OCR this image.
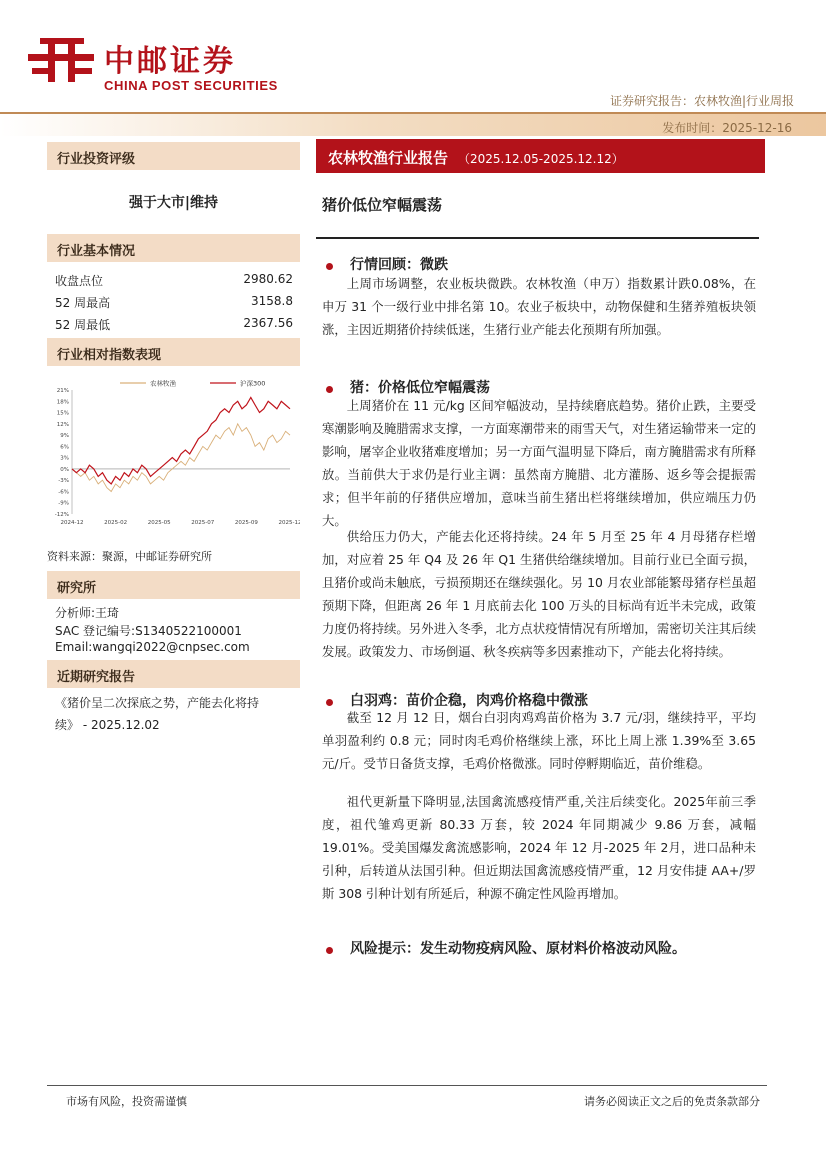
中邮证券
CHINA POST SECURITIES
证券研究报告：农林牧渔|行业周报
发布时间：2025-12-16
行业投资评级
强于大市|维持
行业基本情况
收盘点位	2980.62
52 周最高	3158.8
52 周最低	2367.56
行业相对指数表现
21%
18%
15%
12%
9%
6%
3%
0%
-3%
-6%
-9%
-12%
2024-12	2025-02	2025-05	2025-07	2025-09	2025-12
农林牧渔	沪深300
资料来源：聚源，中邮证券研究所
研究所
分析师:王琦
SAC 登记编号:S1340522100001
Email:wangqi2022@cnpsec.com
近期研究报告
《猪价呈二次探底之势，产能去化将持
续》 - 2025.12.02
农林牧渔行业报告 （2025.12.05-2025.12.12）
猪价低位窄幅震荡
行情回顾：微跌
上周市场调整，农业板块微跌。农林牧渔（申万）指数累计跌0.08%，在申万 31 个一级行业中排名第 10。农业子板块中，动物保健和生猪养殖板块领涨，主因近期猪价持续低迷，生猪行业产能去化预期有所加强。
猪：价格低位窄幅震荡
上周猪价在 11 元/kg 区间窄幅波动，呈持续磨底趋势。猪价止跌，主要受寒潮影响及腌腊需求支撑，一方面寒潮带来的雨雪天气，对生猪运输带来一定的影响，屠宰企业收猪难度增加；另一方面气温明显下降后，南方腌腊需求有所释放。当前供大于求仍是行业主调：虽然南方腌腊、北方灌肠、返乡等会提振需求；但半年前的仔猪供应增加，意味当前生猪出栏将继续增加，供应端压力仍大。
供给压力仍大，产能去化还将持续。24 年 5 月至 25 年 4 月母猪存栏增加，对应着 25 年 Q4 及 26 年 Q1 生猪供给继续增加。目前行业已全面亏损，且猪价或尚未触底，亏损预期还在继续强化。另 10 月农业部能繁母猪存栏虽超预期下降，但距离 26 年 1 月底前去化 100 万头的目标尚有近半未完成，政策力度仍将持续。另外进入冬季，北方点状疫情情况有所增加，需密切关注其后续发展。政策发力、市场倒逼、秋冬疾病等多因素推动下，产能去化将持续。
白羽鸡：苗价企稳，肉鸡价格稳中微涨
截至 12 月 12 日，烟台白羽肉鸡鸡苗价格为 3.7 元/羽，继续持平，平均单羽盈利约 0.8 元；同时肉毛鸡价格继续上涨，环比上周上涨 1.39%至 3.65 元/斤。受节日备货支撑，毛鸡价格微涨。同时停孵期临近，苗价维稳。
祖代更新量下降明显,法国禽流感疫情严重,关注后续变化。2025年前三季度，祖代雏鸡更新 80.33 万套，较 2024 年同期减少 9.86 万套，减幅 19.01%。受美国爆发禽流感影响，2024 年 12 月-2025 年 2月，进口品种未引种，后转道从法国引种。但近期法国禽流感疫情严重，12 月安伟捷 AA+/罗斯 308 引种计划有所延后，种源不确定性风险再增加。
风险提示：发生动物疫病风险、原材料价格波动风险。
市场有风险，投资需谨慎	请务必阅读正文之后的免责条款部分
